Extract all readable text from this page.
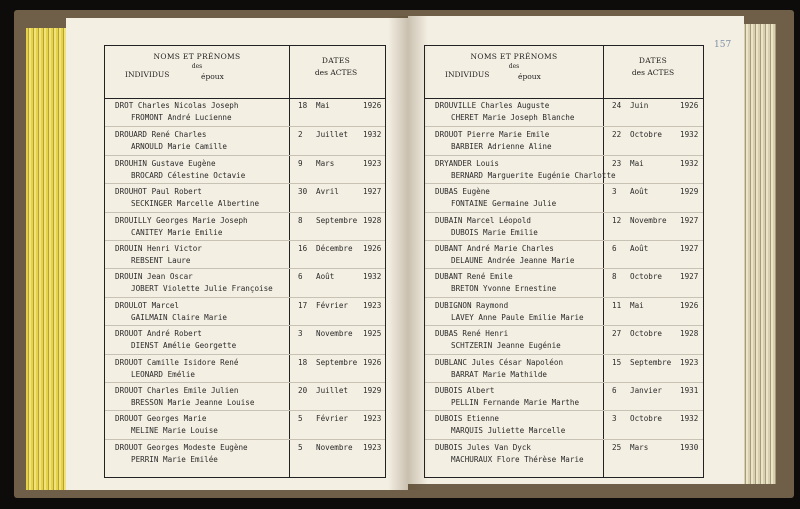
157
NOMS ET PRÉNOMS
des
INDIVIDUS	époux
DATES
des ACTES
DROT Charles Nicolas Joseph
FROMONT André Lucienne
18 Mai	1926
DROUARD René Charles
ARNOULD Marie Camille
2 Juillet 1932
DROUHIN Gustave Eugène
BROCARD Célestine Octavie
9 Mars	1923
DROUHOT Paul Robert
SECKINGER Marcelle Albertine
30 Avril	1927
DROUILLY Georges Marie Joseph
CANITEY Marie Emilie
8 Septembre 1928
DROUIN Henri Victor
REBSENT Laure
16 Décembre 1926
DROUIN Jean Oscar
JOBERT Violette Julie Françoise
6 Août	1932
DROULOT Marcel
GAILMAIN Claire Marie
17 Février 1923
DROUOT André Robert
DIENST Amélie Georgette
3 Novembre 1925
DROUOT Camille Isidore René
LEONARD Emélie
18 Septembre 1926
DROUOT Charles Emile Julien
BRESSON Marie Jeanne Louise
20 Juillet 1929
DROUOT Georges Marie
MELINE Marie Louise
5 Février 1923
DROUOT Georges Modeste Eugène
PERRIN Marie Emilée
5 Novembre 1923
NOMS ET PRÉNOMS
des
INDIVIDUS	époux
DATES
des ACTES
DROUVILLE Charles Auguste
CHERET Marie Joseph Blanche
24 Juin	1926
DROUOT Pierre Marie Emile
BARBIER Adrienne Aline
22 Octobre 1932
DRYANDER Louis
BERNARD Marguerite Eugénie Charlotte
23 Mai	1932
DUBAS Eugène
FONTAINE Germaine Julie
3 Août	1929
DUBAIN Marcel Léopold
DUBOIS Marie Emilie
12 Novembre 1927
DUBANT André Marie Charles
DELAUNE Andrée Jeanne Marie
6 Août	1927
DUBANT René Emile
BRETON Yvonne Ernestine
8 Octobre 1927
DUBIGNON Raymond
LAVEY Anne Paule Emilie Marie
11 Mai	1926
DUBAS René Henri
SCHTZERIN Jeanne Eugénie
27 Octobre 1928
DUBLANC Jules César Napoléon
BARRAT Marie Mathilde
15 Septembre 1923
DUBOIS Albert
PELLIN Fernande Marie Marthe
6 Janvier 1931
DUBOIS Etienne
MARQUIS Juliette Marcelle
3 Octobre 1932
DUBOIS Jules Van Dyck
MACHURAUX Flore Thérèse Marie
25 Mars	1930
